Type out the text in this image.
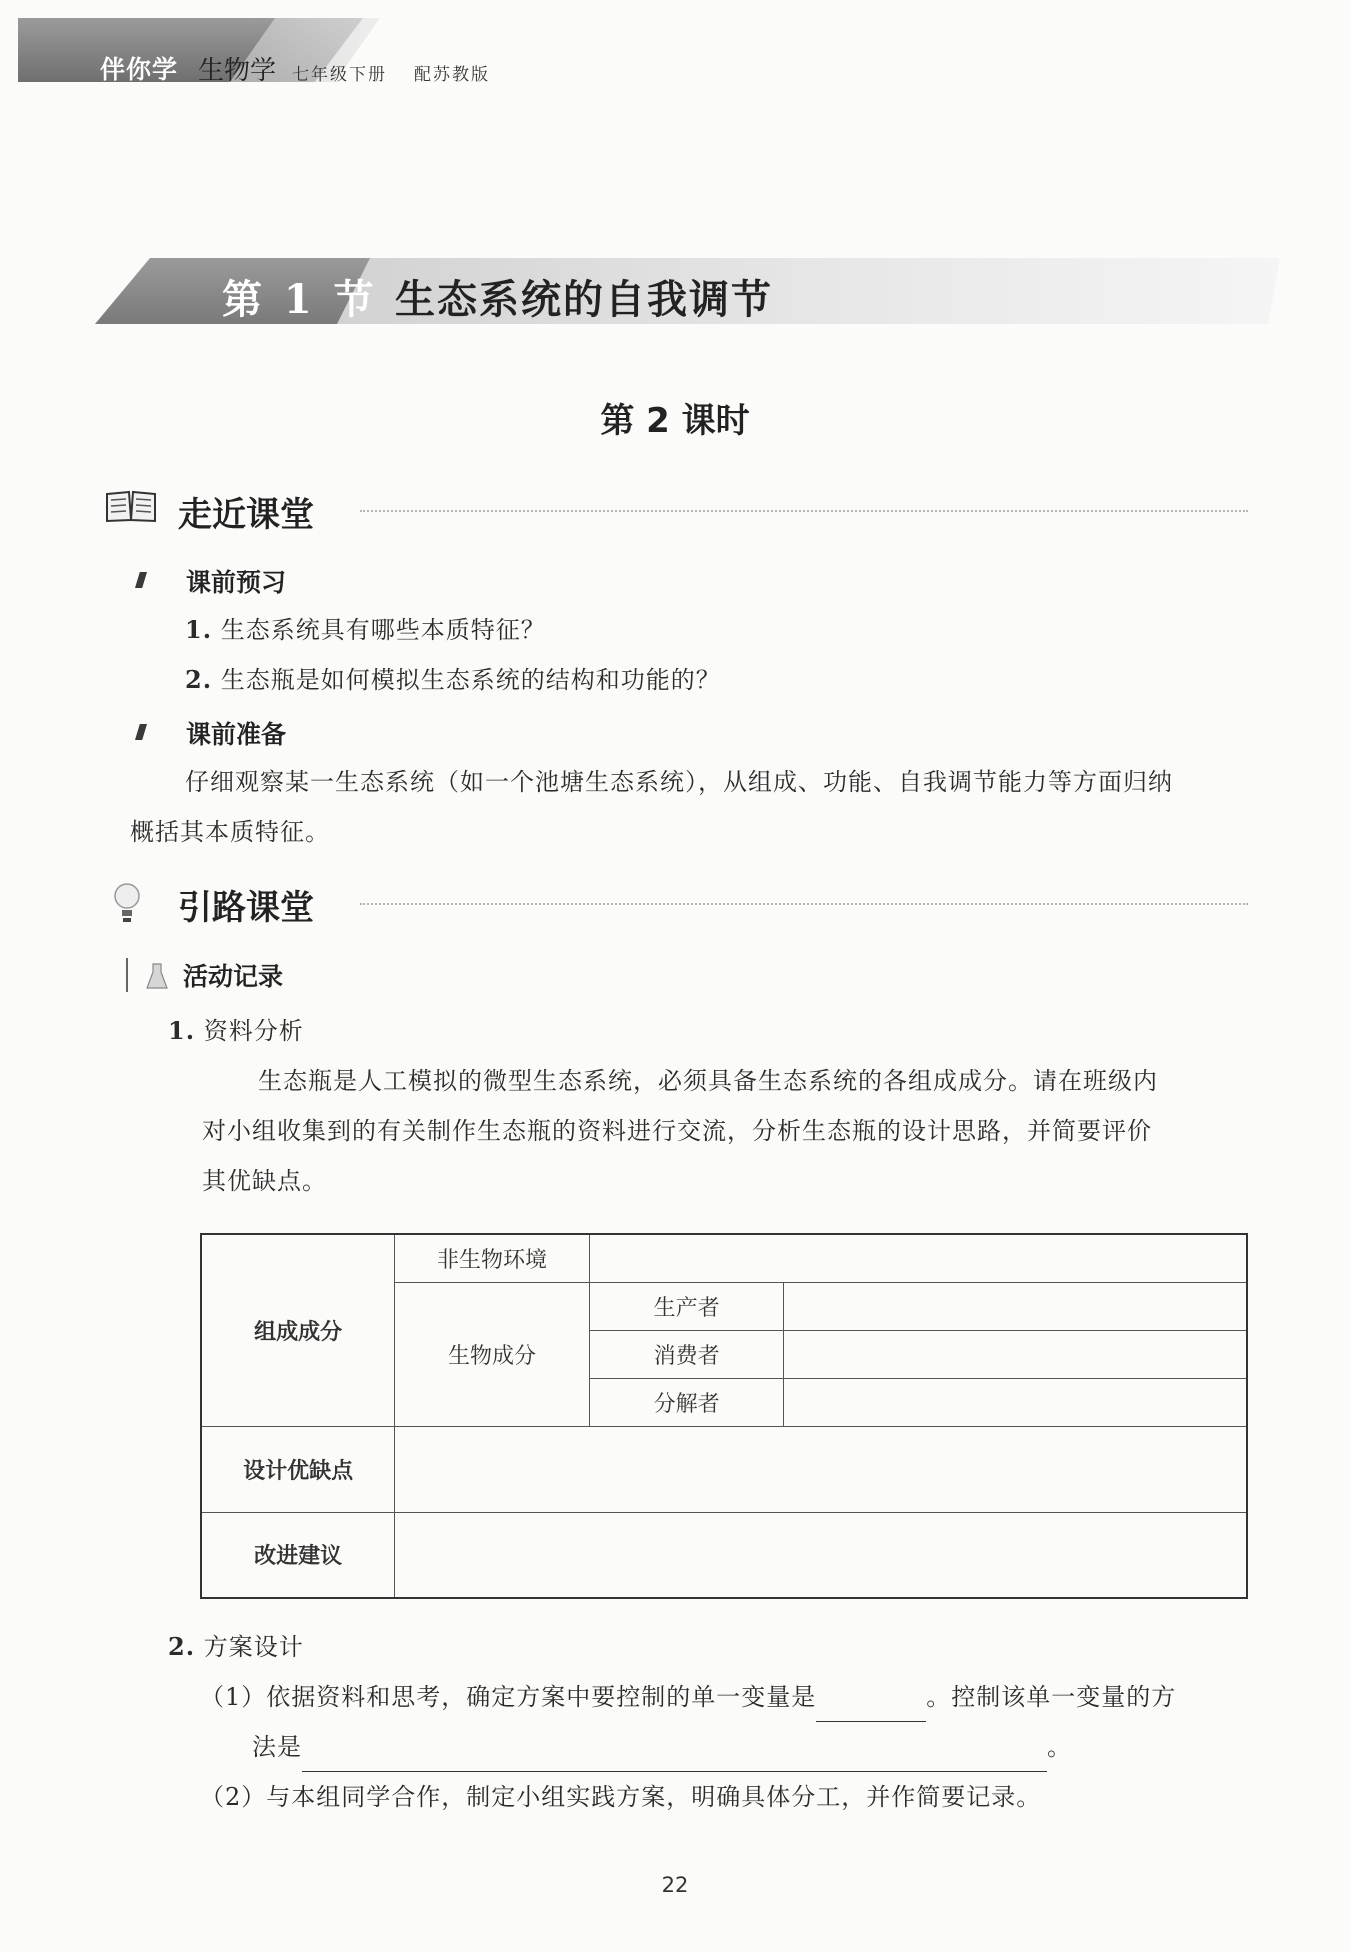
伴你学 生物学 七年级下册 配苏教版
第 1 节 生态系统的自我调节
第 2 课时
走近课堂
课前预习
1. 生态系统具有哪些本质特征？
2. 生态瓶是如何模拟生态系统的结构和功能的？
课前准备
仔细观察某一生态系统（如一个池塘生态系统），从组成、功能、自我调节能力等方面归纳
概括其本质特征。
引路课堂
活动记录
1. 资料分析
生态瓶是人工模拟的微型生态系统，必须具备生态系统的各组成成分。请在班级内
对小组收集到的有关制作生态瓶的资料进行交流，分析生态瓶的设计思路，并简要评价
其优缺点。
组成成分	非生物环境		
	生物成分	生产者	
		消费者	
		分解者	
设计优缺点			
改进建议			
2. 方案设计
（1）依据资料和思考，确定方案中要控制的单一变量是	。控制该单一变量的方
法是	。
（2）与本组同学合作，制定小组实践方案，明确具体分工，并作简要记录。
22
